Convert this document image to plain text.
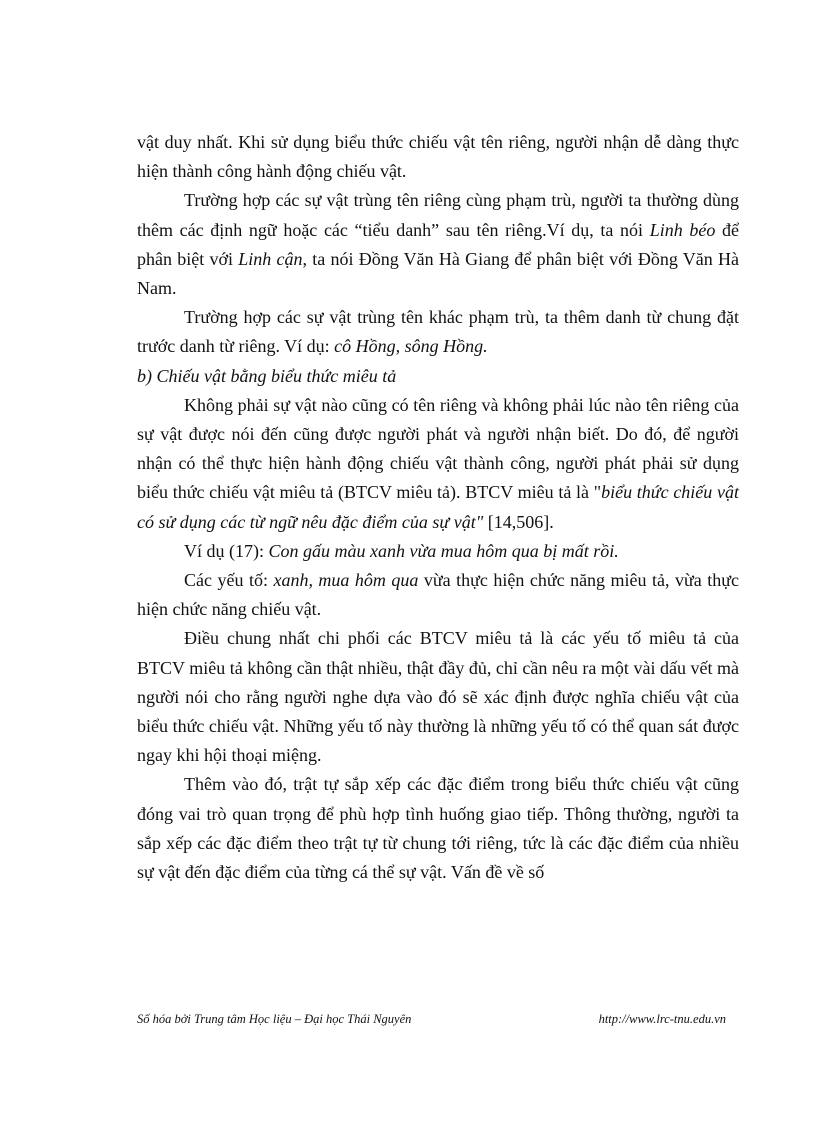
vật duy nhất. Khi sử dụng biểu thức chiếu vật tên riêng, người nhận dễ dàng thực hiện thành công hành động chiếu vật.

Trường hợp các sự vật trùng tên riêng cùng phạm trù, người ta thường dùng thêm các định ngữ hoặc các “tiểu danh” sau tên riêng.Ví dụ, ta nói Linh béo để phân biệt với Linh cận, ta nói Đồng Văn Hà Giang để phân biệt với Đồng Văn Hà Nam.

Trường hợp các sự vật trùng tên khác phạm trù, ta thêm danh từ chung đặt trước danh từ riêng. Ví dụ: cô Hồng, sông Hồng.

b) Chiếu vật bằng biểu thức miêu tả

Không phải sự vật nào cũng có tên riêng và không phải lúc nào tên riêng của sự vật được nói đến cũng được người phát và người nhận biết. Do đó, để người nhận có thể thực hiện hành động chiếu vật thành công, người phát phải sử dụng biểu thức chiếu vật miêu tả (BTCV miêu tả). BTCV miêu tả là "biểu thức chiếu vật có sử dụng các từ ngữ nêu đặc điểm của sự vật" [14,506].

Ví dụ (17): Con gấu màu xanh vừa mua hôm qua bị mất rồi.

Các yếu tố: xanh, mua hôm qua vừa thực hiện chức năng miêu tả, vừa thực hiện chức năng chiếu vật.

Điều chung nhất chi phối các BTCV miêu tả là các yếu tố miêu tả của BTCV miêu tả không cần thật nhiều, thật đầy đủ, chỉ cần nêu ra một vài dấu vết mà người nói cho rằng người nghe dựa vào đó sẽ xác định được nghĩa chiếu vật của biểu thức chiếu vật. Những yếu tố này thường là những yếu tố có thể quan sát được ngay khi hội thoại miệng.

Thêm vào đó, trật tự sắp xếp các đặc điểm trong biểu thức chiếu vật cũng đóng vai trò quan trọng để phù hợp tình huống giao tiếp. Thông thường, người ta sắp xếp các đặc điểm theo trật tự từ chung tới riêng, tức là các đặc điểm của nhiều sự vật đến đặc điểm của từng cá thể sự vật. Vấn đề về số

Số hóa bởi Trung tâm Học liệu – Đại học Thái Nguyên	http://www.lrc-tnu.edu.vn
